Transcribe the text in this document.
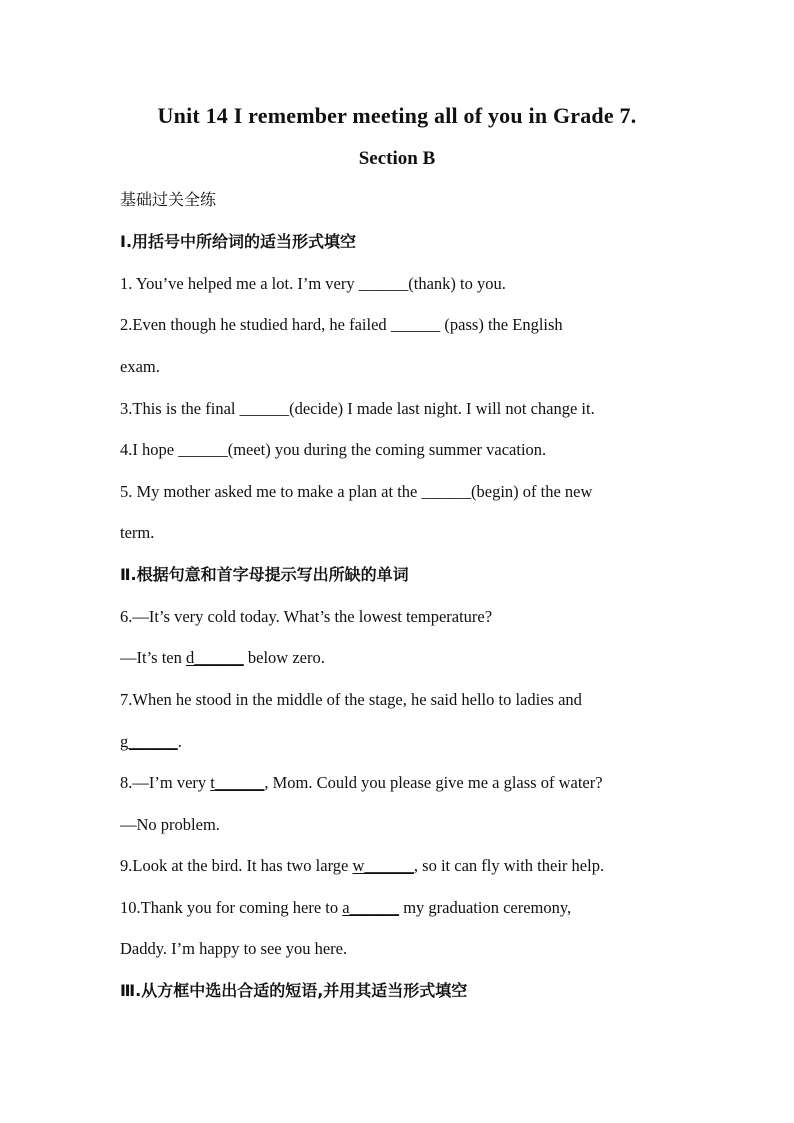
Unit 14 I remember meeting all of you in Grade 7.
Section B
基础过关全练
Ⅰ.用括号中所给词的适当形式填空
1. You’ve helped me a lot. I’m very ______(thank) to you.
2.Even though he studied hard, he failed ______ (pass) the English
exam.
3.This is the final ______(decide) I made last night. I will not change it.
4.I hope ______(meet) you during the coming summer vacation.
5. My mother asked me to make a plan at the ______(begin) of the new
term.
Ⅱ.根据句意和首字母提示写出所缺的单词
6.—It’s very cold today. What’s the lowest temperature?
—It’s ten d______ below zero.
7.When he stood in the middle of the stage, he said hello to ladies and
g______.
8.—I’m very t______, Mom. Could you please give me a glass of water?
—No problem.
9.Look at the bird. It has two large w______, so it can fly with their help.
10.Thank you for coming here to a______ my graduation ceremony,
Daddy. I’m happy to see you here.
Ⅲ.从方框中选出合适的短语,并用其适当形式填空
